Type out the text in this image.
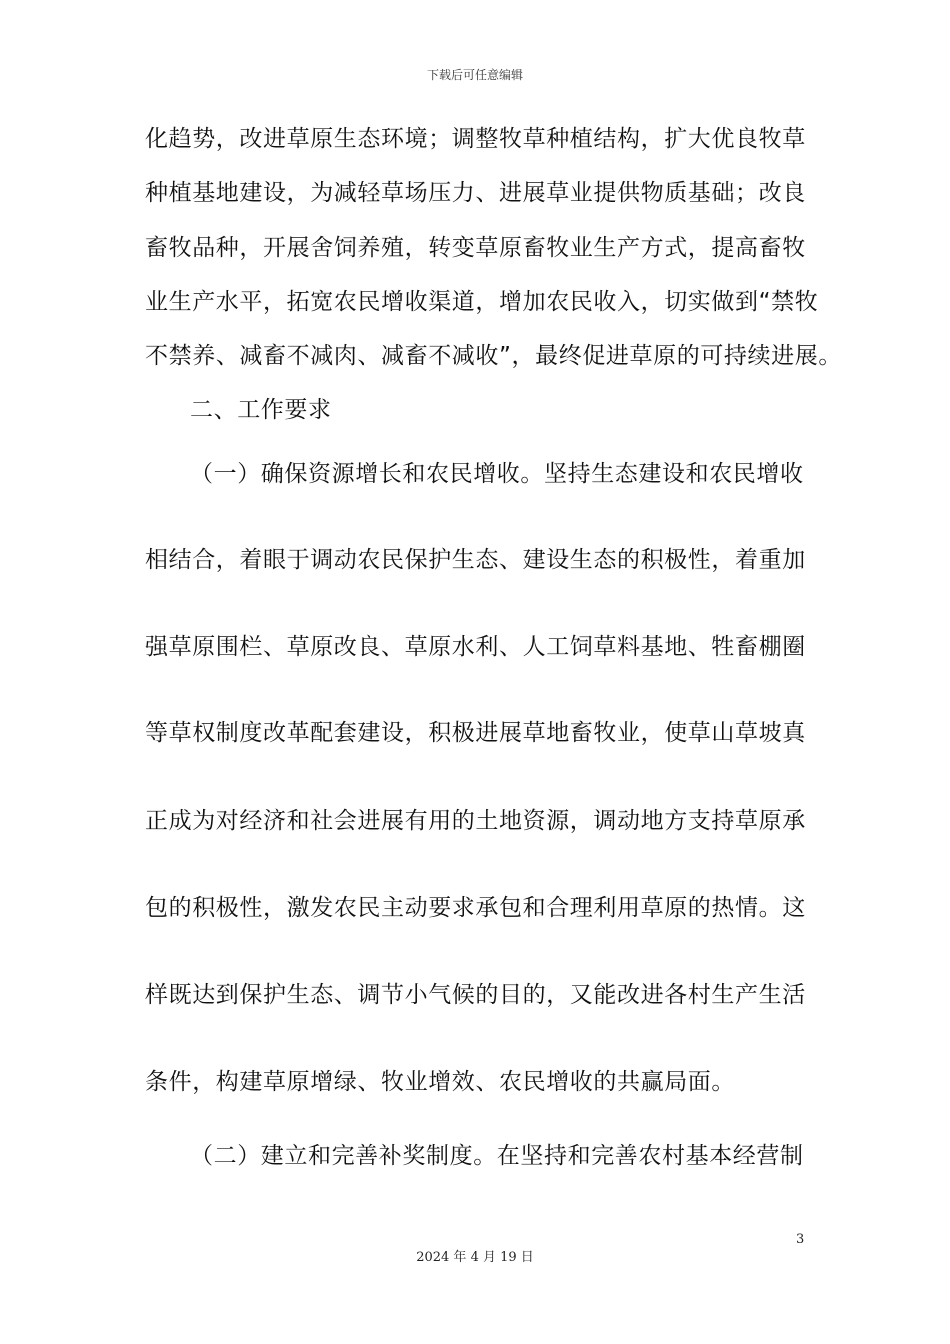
下载后可任意编辑
化趋势，改进草原生态环境；调整牧草种植结构，扩大优良牧草
种植基地建设，为减轻草场压力、进展草业提供物质基础；改良
畜牧品种，开展舍饲养殖，转变草原畜牧业生产方式，提高畜牧
业生产水平，拓宽农民增收渠道，增加农民收入，切实做到“禁牧
不禁养、减畜不减肉、减畜不减收”，最终促进草原的可持续进展。
二、工作要求
（一）确保资源增长和农民增收。坚持生态建设和农民增收
相结合，着眼于调动农民保护生态、建设生态的积极性，着重加
强草原围栏、草原改良、草原水利、人工饲草料基地、牲畜棚圈
等草权制度改革配套建设，积极进展草地畜牧业，使草山草坡真
正成为对经济和社会进展有用的土地资源，调动地方支持草原承
包的积极性，激发农民主动要求承包和合理利用草原的热情。这
样既达到保护生态、调节小气候的目的，又能改进各村生产生活
条件，构建草原增绿、牧业增效、农民增收的共赢局面。
（二）建立和完善补奖制度。在坚持和完善农村基本经营制
3
2024 年 4 月 19 日
